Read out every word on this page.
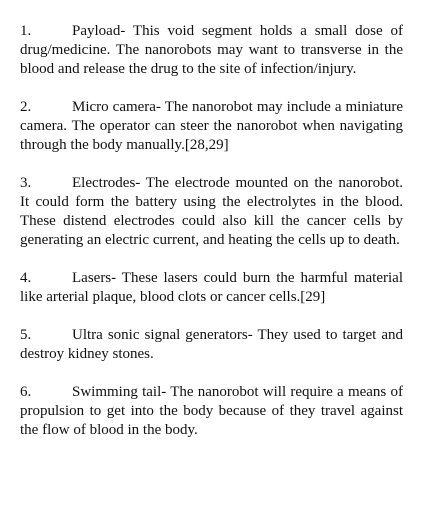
1.	Payload- This void segment holds a small dose of drug/medicine. The nanorobots may want to transverse in the blood and release the drug to the site of infection/injury.

2.	Micro camera- The nanorobot may include a miniature camera. The operator can steer the nanorobot when navigating through the body manually.[28,29]

3.	Electrodes- The electrode mounted on the nanorobot. It could form the battery using the electrolytes in the blood. These distend electrodes could also kill the cancer cells by generating an electric current, and heating the cells up to death.

4.	Lasers- These lasers could burn the harmful material like arterial plaque, blood clots or cancer cells.[29]

5.	Ultra sonic signal generators- They used to target and destroy kidney stones.

6.	Swimming tail- The nanorobot will require a means of propulsion to get into the body because of they travel against the flow of blood in the body.
